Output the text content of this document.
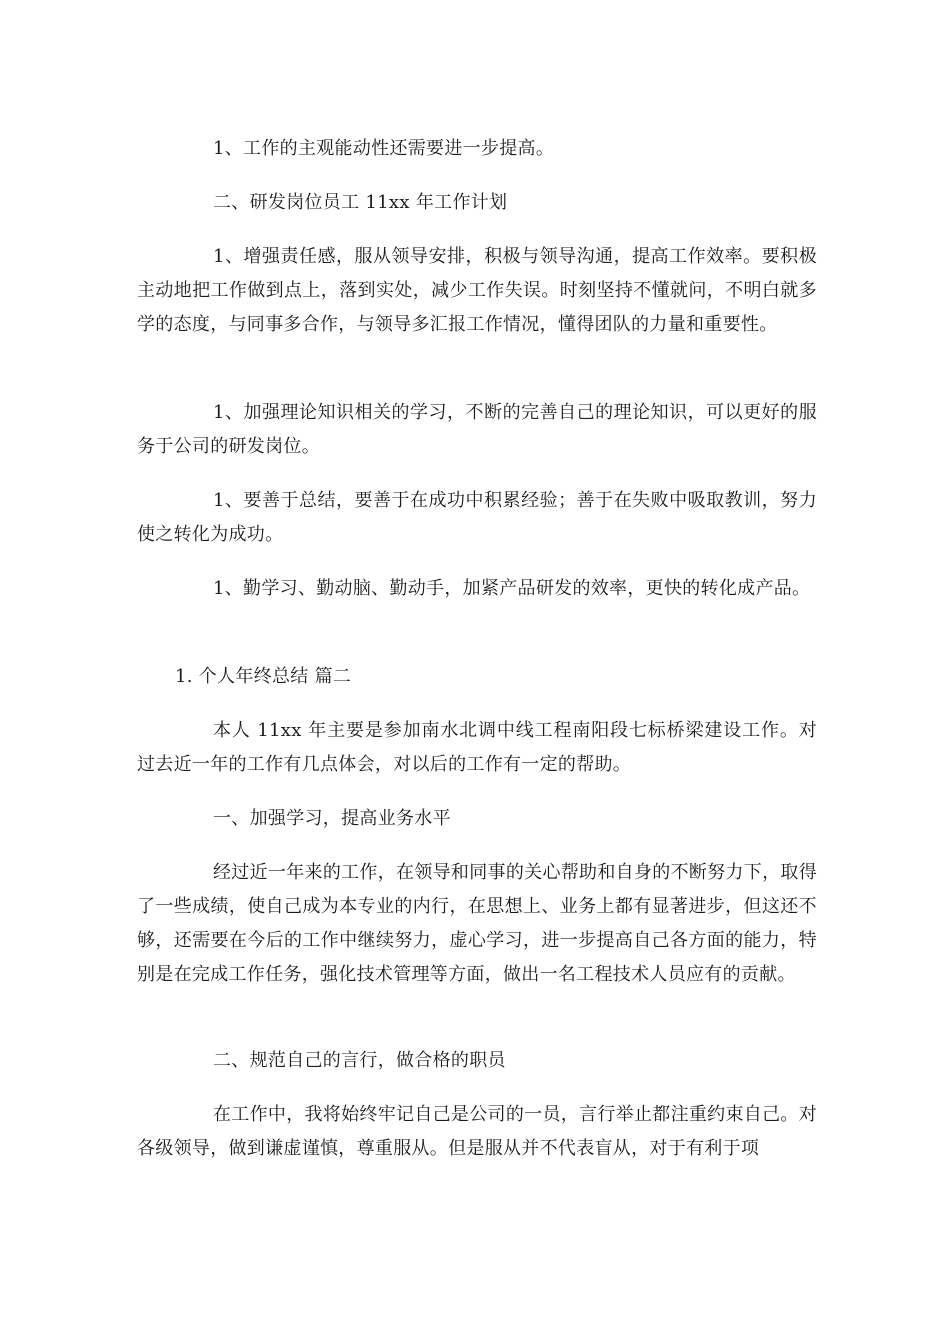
1、工作的主观能动性还需要进一步提高。

二、研发岗位员工 11xx 年工作计划

1、增强责任感，服从领导安排，积极与领导沟通，提高工作效率。要积极主动地把工作做到点上，落到实处，减少工作失误。时刻坚持不懂就问，不明白就多学的态度，与同事多合作，与领导多汇报工作情况，懂得团队的力量和重要性。

1、加强理论知识相关的学习，不断的完善自己的理论知识，可以更好的服务于公司的研发岗位。

1、要善于总结，要善于在成功中积累经验；善于在失败中吸取教训，努力使之转化为成功。

1、勤学习、勤动脑、勤动手，加紧产品研发的效率，更快的转化成产品。

1. 个人年终总结 篇二

本人 11xx 年主要是参加南水北调中线工程南阳段七标桥梁建设工作。对过去近一年的工作有几点体会，对以后的工作有一定的帮助。

一、加强学习，提高业务水平

经过近一年来的工作，在领导和同事的关心帮助和自身的不断努力下，取得了一些成绩，使自己成为本专业的内行，在思想上、业务上都有显著进步，但这还不够，还需要在今后的工作中继续努力，虚心学习，进一步提高自己各方面的能力，特别是在完成工作任务，强化技术管理等方面，做出一名工程技术人员应有的贡献。

二、规范自己的言行，做合格的职员

在工作中，我将始终牢记自己是公司的一员，言行举止都注重约束自己。对各级领导，做到谦虚谨慎，尊重服从。但是服从并不代表盲从，对于有利于项
